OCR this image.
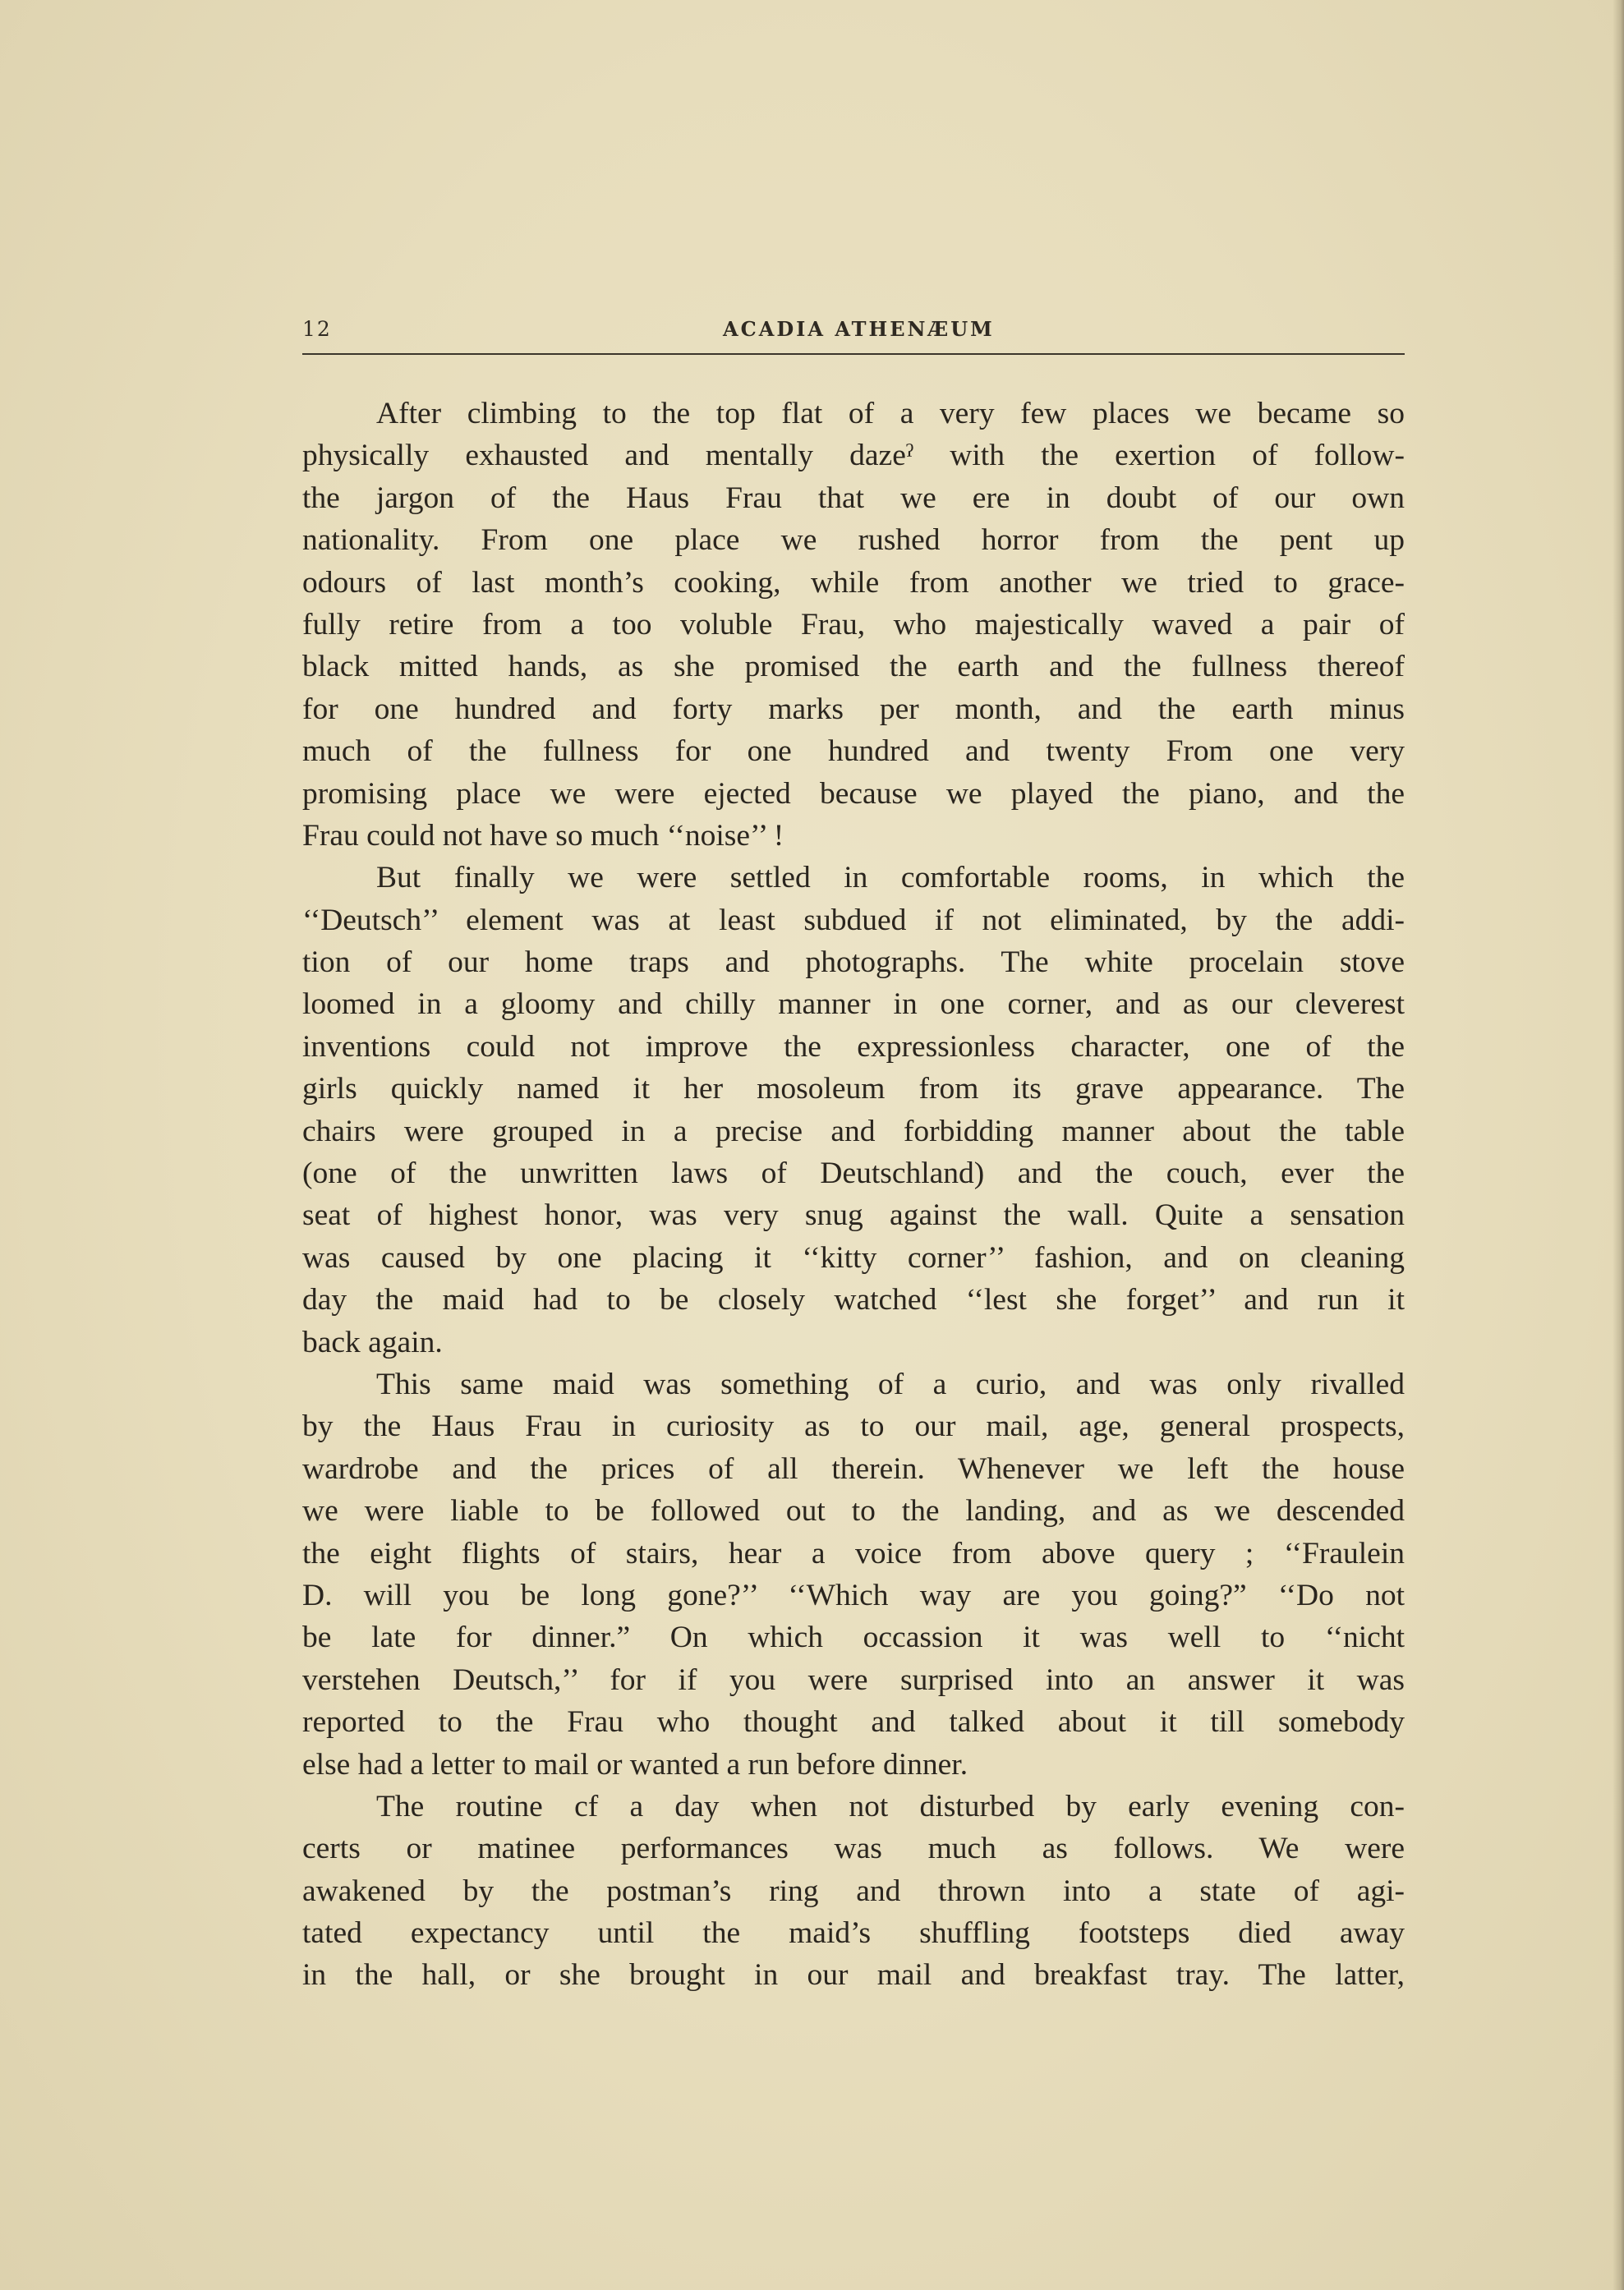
12	ACADIA ATHENÆUM
After climbing to the top flat of a very few places we became so
physically exhausted and mentally dazeˀ with the exertion of follow-
the jargon of the Haus Frau that we ere in doubt of our own
nationality. From one place we rushed horror from the pent up
odours of last month’s cooking, while from another we tried to grace-
fully retire from a too voluble Frau, who majestically waved a pair of
black mitted hands, as she promised the earth and the fullness thereof
for one hundred and forty marks per month, and the earth minus
much of the fullness for one hundred and twenty From one very
promising place we were ejected because we played the piano, and the
Frau could not have so much ‘‘noise’’ !
But finally we were settled in comfortable rooms, in which the
‘‘Deutsch’’ element was at least subdued if not eliminated, by the addi-
tion of our home traps and photographs. The white procelain stove
loomed in a gloomy and chilly manner in one corner, and as our cleverest
inventions could not improve the expressionless character, one of the
girls quickly named it her mosoleum from its grave appearance. The
chairs were grouped in a precise and forbidding manner about the table
(one of the unwritten laws of Deutschland) and the couch, ever the
seat of highest honor, was very snug against the wall. Quite a sensation
was caused by one placing it ‘‘kitty corner’’ fashion, and on cleaning
day the maid had to be closely watched ‘‘lest she forget’’ and run it
back again.
This same maid was something of a curio, and was only rivalled
by the Haus Frau in curiosity as to our mail, age, general prospects,
wardrobe and the prices of all therein. Whenever we left the house
we were liable to be followed out to the landing, and as we descended
the eight flights of stairs, hear a voice from above query ; ‘‘Fraulein
D. will you be long gone?’’ ‘‘Which way are you going?” ‘‘Do not
be late for dinner.” On which occassion it was well to ‘‘nicht
verstehen Deutsch,’’ for if you were surprised into an answer it was
reported to the Frau who thought and talked about it till somebody
else had a letter to mail or wanted a run before dinner.
The routine cf a day when not disturbed by early evening con-
certs or matinee performances was much as follows. We were
awakened by the postman’s ring and thrown into a state of agi-
tated expectancy until the maid’s shuffling footsteps died away
in the hall, or she brought in our mail and breakfast tray. The latter,
